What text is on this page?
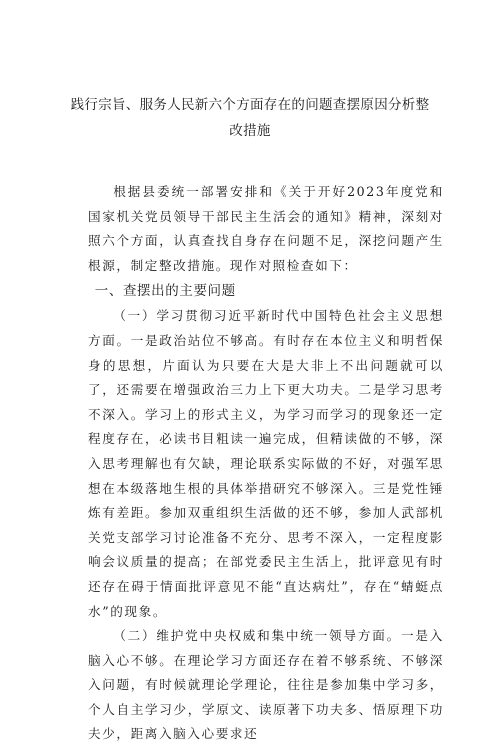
践行宗旨、服务人民新六个方面存在的问题查摆原因分析整改措施

根据县委统一部署安排和《关于开好2023年度党和国家机关党员领导干部民主生活会的通知》精神，深刻对照六个方面，认真查找自身存在问题不足，深挖问题产生根源，制定整改措施。现作对照检查如下：

一、查摆出的主要问题

（一）学习贯彻习近平新时代中国特色社会主义思想方面。一是政治站位不够高。有时存在本位主义和明哲保身的思想，片面认为只要在大是大非上不出问题就可以了，还需要在增强政治三力上下更大功夫。二是学习思考不深入。学习上的形式主义，为学习而学习的现象还一定程度存在，必读书目粗读一遍完成，但精读做的不够，深入思考理解也有欠缺，理论联系实际做的不好，对强军思想在本级落地生根的具体举措研究不够深入。三是党性锤炼有差距。参加双重组织生活做的还不够，参加人武部机关党支部学习讨论准备不充分、思考不深入，一定程度影响会议质量的提高；在部党委民主生活上，批评意见有时还存在碍于情面批评意见不能“直达病灶”，存在“蜻蜓点水”的现象。

（二）维护党中央权威和集中统一领导方面。一是入脑入心不够。在理论学习方面还存在着不够系统、不够深入问题，有时候就理论学理论，往往是参加集中学习多，个人自主学习少，学原文、读原著下功夫多、悟原理下功夫少，距离入脑入心要求还
